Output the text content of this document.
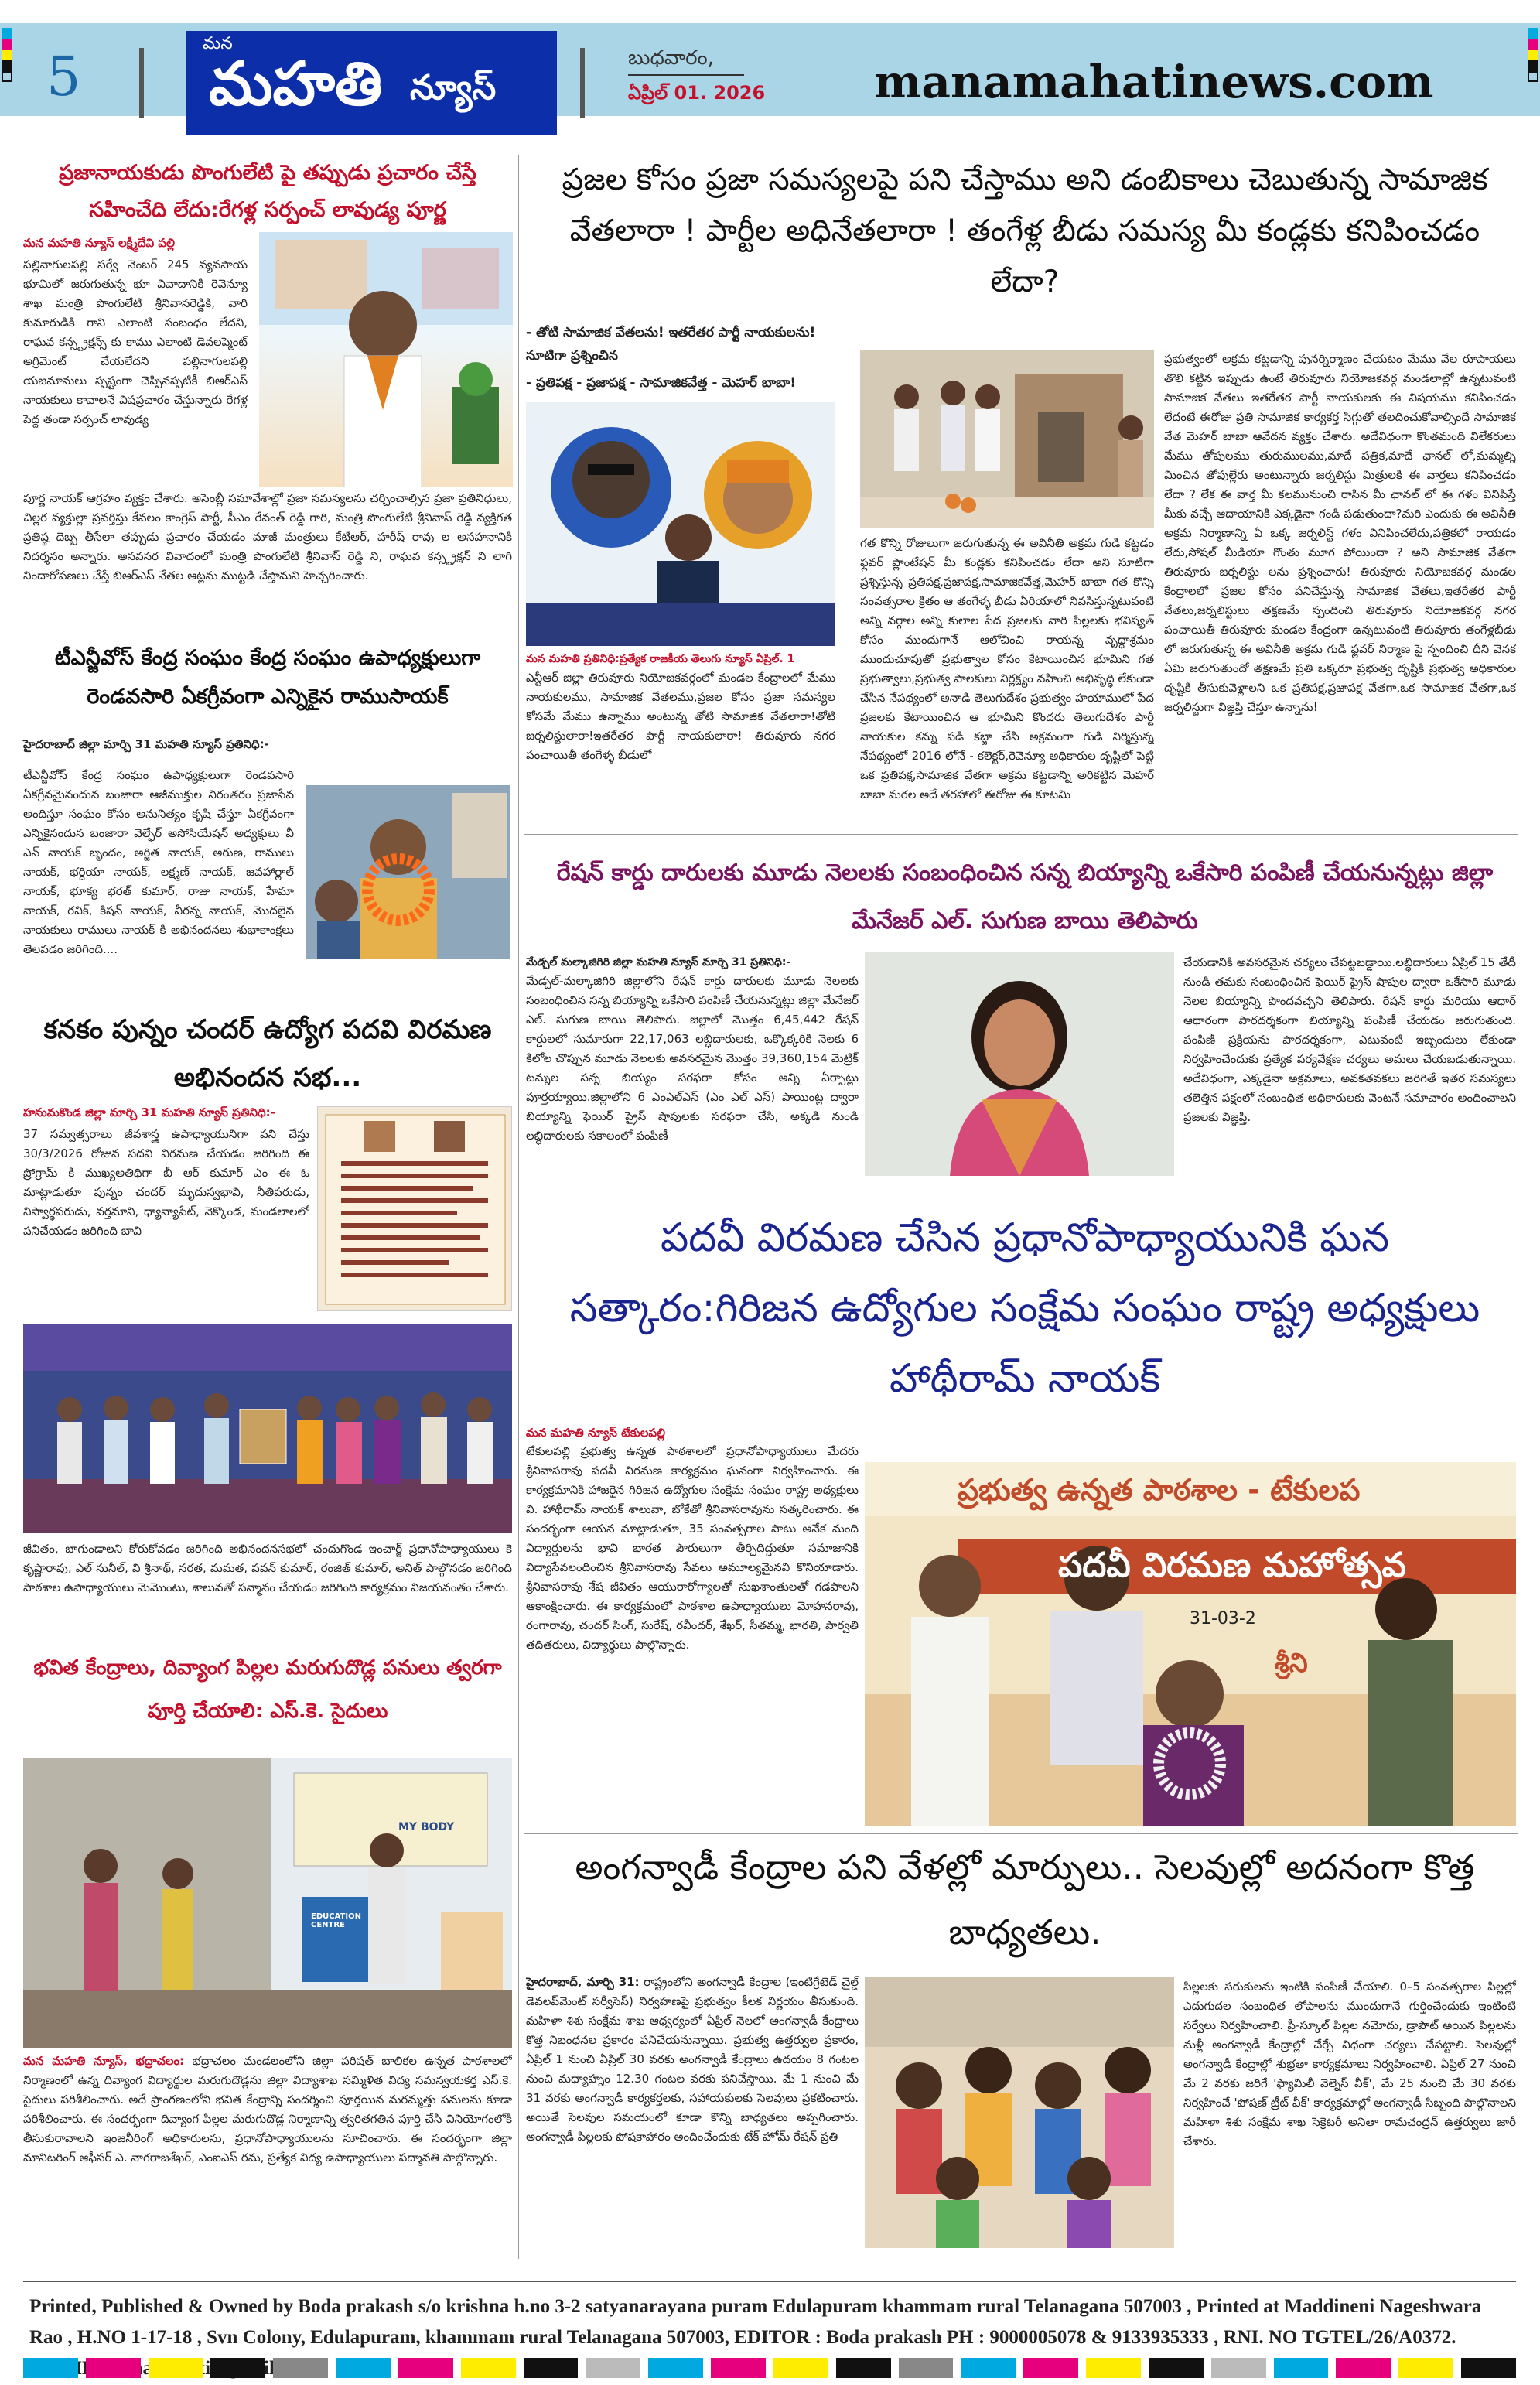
5
మన
మహతి న్యూస్
బుధవారం,
ఏప్రిల్ 01. 2026 manamahatinews.com
ప్రజానాయకుడు పొంగులేటి పై తప్పుడు ప్రచారం చేస్తే సహించేది లేదు:రేగళ్ల సర్పంచ్ లావుడ్య పూర్ణ
మన మహతి న్యూస్ లక్ష్మీదేవి పల్లి
పల్లినాగులపల్లి సర్వే నెంబర్ 245 వ్యవసాయ భూమిలో జరుగుతున్న భూ వివాదానికి రెవెన్యూ శాఖ మంత్రి పొంగులేటి శ్రీనివాసరెడ్డికి, వారి కుమారుడికి గాని ఎలాంటి సంబంధం లేదని, రాఘవ కన్స్ట్రక్షన్స్ కు కాము ఎలాంటి డెవలప్మెంట్ అగ్రిమెంట్ చేయలేదని పల్లినాగులపల్లి యజమానులు స్పష్టంగా చెప్పినప్పటికీ బిఆర్ఎస్ నాయకులు కావాలనే విషప్రచారం చేస్తున్నారు రేగళ్ల పెద్ద తండా సర్పంచ్ లావుడ్య
పూర్ణ నాయక్ ఆగ్రహం వ్యక్తం చేశారు. అసెంబ్లీ సమావేశాల్లో ప్రజా సమస్యలను చర్చించాల్సిన ప్రజా ప్రతినిధులు, చిల్లర వ్యక్తుల్లా ప్రవర్తిస్తు కేవలం కాంగ్రెస్ పార్టీ, సీఎం రేవంత్ రెడ్డి గారి, మంత్రి పొంగులేటి శ్రీనివాస్ రెడ్డి వ్యక్తిగత ప్రతిష్ఠ దెబ్బ తీసేలా తప్పుడు ప్రచారం చేయడం మాజీ మంత్రులు కేటీఆర్, హరీష్ రావు ల అసహనానికి నిదర్శనం అన్నారు. అనవసర వివాదంలో మంత్రి పొంగులేటి శ్రీనివాస్ రెడ్డి ని, రాఘవ కన్స్ట్రక్షన్ ని లాగి నిందారోపణలు చేస్తే బిఆర్ఎస్ నేతల ఆట్లను ముట్టడి చేస్తామని హెచ్చరించారు.
టీఎన్జీవోస్ కేంద్ర సంఘం కేంద్ర సంఘం ఉపాధ్యక్షులుగా రెండవసారి ఏకగ్రీవంగా ఎన్నికైన రాముసాయక్
హైదరాబాద్ జిల్లా మార్చి 31 మహతి న్యూస్ ప్రతినిధి:-
టీఎన్జీవోస్ కేంద్ర సంఘం ఉపాధ్యక్షులుగా రెండవసారి ఏకగ్రీవమైనందున బంజారా ఆజీముక్తుల నిరంతరం ప్రజాసేవ అందిస్తూ సంఘం కోసం అనునిత్యం కృషి చేస్తూ ఏకగ్రీవంగా ఎన్నికైనందున బంజారా వెల్ఫేర్ అసోసియేషన్ అధ్యక్షులు వీ ఎన్ నాయక్ బృందం, అర్జిత నాయక్, అరుణ, రాములు నాయక్, భర్దియా నాయక్, లక్ష్మణ్ నాయక్, జవహార్లాల్ నాయక్, భూక్య భరత్ కుమార్, రాజు నాయక్, హేమా నాయక్, రవిక్, కిషన్ నాయక్, వీరన్న నాయక్, మొదలైన నాయకులు రాములు నాయక్ కి అభినందనలు శుభాకాంక్షలు తెలపడం జరిగింది....
కనకం పున్నం చందర్ ఉద్యోగ పదవి విరమణ అభినందన సభ...
హనుమకొండ జిల్లా మార్చి 31 మహతి న్యూస్ ప్రతినిధి:-
37 సమ్వత్సరాలు జీవశాస్త్ర ఉపాధ్యాయునిగా పని చేస్తు 30/3/2026 రోజున పదవి విరమణ చేయడం జరిగింది ఈ ప్రోగ్రామ్ కి ముఖ్యఅతిథిగా బీ ఆర్ కుమార్ ఎం ఈ ఓ మాట్లాడుతూ పున్నం చందర్ మృదుస్వభావి, నీతిపరుడు, నిస్వార్థపరుడు, వర్తమాని, ధ్యాన్యాపేట్, నెక్కొండ, మండలాలలో పనిచేయడం జరిగింది బావి
జీవితం, బాగుండాలని కోరుకోవడం జరిగింది అభినందనసభలో చందుగొండ ఇంచార్జ్ ప్రధానోపాధ్యాయులు కె కృష్ణారావు, ఎల్ సునీల్, వి శ్రీనాథ్, నరత, మమత, పవన్ కుమార్, రంజిత్ కుమార్, అనిత్ పాల్గొనడం జరిగింది పాఠశాల ఉపాధ్యాయులు మెమొంటు, శాలువతో సన్మానం చేయడం జరిగింది కార్యక్రమం విజయవంతం చేశారు.
భవిత కేంద్రాలు, దివ్యాంగ పిల్లల మరుగుదొడ్ల పనులు త్వరగా పూర్తి చేయాలి: ఎస్.కె. సైదులు
MY BODY
EDUCATION CENTRE
మన మహతి న్యూస్, భద్రాచలం: భద్రాచలం మండలంలోని జిల్లా పరిషత్ బాలికల ఉన్నత పాఠశాలలో నిర్మాణంలో ఉన్న దివ్యాంగ విద్యార్థుల మరుగుదొడ్లను జిల్లా విద్యాశాఖ సమ్మిళిత విద్య సమన్వయకర్త ఎస్.కె. సైదులు పరిశీలించారు. అదే ప్రాంగణంలోని భవిత కేంద్రాన్ని సందర్శించి పూర్తయిన మరమ్మత్తు పనులను కూడా పరిశీలించారు. ఈ సందర్భంగా దివ్యాంగ పిల్లల మరుగుదొడ్ల నిర్మాణాన్ని త్వరితగతిన పూర్తి చేసి వినియోగంలోకి తీసుకురావాలని ఇంజనీరింగ్ అధికారులను, ప్రధానోపాధ్యాయులను సూచించారు. ఈ సందర్భంగా జిల్లా మానిటరింగ్ ఆఫీసర్ ఎ. నాగరాజశేఖర్, ఎంఐఎస్ రమ, ప్రత్యేక విద్య ఉపాధ్యాయులు పద్మావతి పాల్గొన్నారు.
ప్రజల కోసం ప్రజా సమస్యలపై పని చేస్తాము అని డంబికాలు చెబుతున్న సామాజిక వేతలారా ! పార్టీల అధినేతలారా ! తంగేళ్ల బీడు సమస్య మీ కండ్లకు కనిపించడం లేదా?
- తోటి సామాజిక వేతలను! ఇతరేతర పార్టీ నాయకులను!సూటిగా ప్రశ్నించిన
- ప్రతిపక్ష - ప్రజాపక్ష - సామాజికవేత్త - మెహర్ బాబా!
మన మహతి ప్రతినిధి:ప్రత్యేక రాజకీయ తెలుగు న్యూస్ ఏప్రిల్. 1
ఎన్టీఆర్ జిల్లా తిరువూరు నియోజకవర్గంలో మండల కేంద్రాలలో మేము నాయకులము, సామాజిక వేతలము,ప్రజల కోసం ప్రజా సమస్యల కోసమే మేము ఉన్నాము అంటున్న తోటి సామాజిక వేతలారా!తోటి జర్నలిస్టులారా!ఇతరేతర పార్టీ నాయకులారా! తిరువూరు నగర పంచాయితీ తంగేళ్ళ బీడులో
గత కొన్ని రోజులుగా జరుగుతున్న ఈ అవినీతి అక్రమ గుడి కట్టడం ఫ్లవర్ ప్లాంటేషన్ మీ కండ్లకు కనిపించడం లేదా అని సూటిగా ప్రశ్నిస్తున్న ప్రతిపక్ష,ప్రజాపక్ష,సామాజికవేత్త,మెహర్ బాబా గత కొన్ని సంవత్సరాల క్రితం ఆ తంగేళ్ళ బీడు ఏరియాలో నివసిస్తున్నటువంటి అన్ని వర్గాల అన్ని కులాల పేద ప్రజలకు వారి పిల్లలకు భవిష్యత్ కోసం ముందుగానే ఆలోచించి రాయన్న వృద్ధాశ్రమం ముందుచూపుతో ప్రభుత్వాల కోసం కేటాయించిన భూమిని గత ప్రభుత్వాలు,ప్రభుత్వ పాలకులు నిర్లక్ష్యం వహించి అభివృద్ధి లేకుండా చేసిన నేపథ్యంలో అనాడి తెలుగుదేశం ప్రభుత్వం హయాములో పేద ప్రజలకు కేటాయించిన ఆ భూమిని కొందరు తెలుగుదేశం పార్టీ నాయకుల కన్ను పడి కబ్జా చేసి అక్రమంగా గుడి నిర్మిస్తున్న నేపథ్యంలో 2016 లోనే - కలెక్టర్,రెవెన్యూ అధికారుల దృష్టిలో పెట్టి ఒక ప్రతిపక్ష,సామాజిక వేతగా అక్రమ కట్టడాన్ని అరికట్టిన మెహర్ బాబా మరల అదే తరహాలో ఈరోజు ఈ కూటమి
ప్రభుత్వంలో అక్రమ కట్టడాన్ని పునర్నిర్మాణం చేయటం మేము వేల రూపాయలు తొలి కట్టిన ఇప్పుడు ఉంటే తిరువూరు నియోజకవర్గ మండలాల్లో ఉన్నటువంటి సామాజిక వేతలు ఇతరేతర పార్టీ నాయకులకు ఈ విషయము కనిపించడం లేదంటే ఈరోజు ప్రతి సామాజిక కార్యకర్త సిగ్గుతో తలదించుకోవాల్సిందే సామాజిక వేత మెహర్ బాబా ఆవేదన వ్యక్తం చేశారు. అదేవిధంగా కొంతమంది విలేకరులు మేము తోపులము తురుములము,మాదే పత్రిక,మాదే ఛానల్ లో,మమ్మల్ని మించిన తోపుల్లేరు అంటున్నారు జర్నలిస్టు మిత్రులకి ఈ వార్తలు కనిపించడం లేదా ? లేక ఈ వార్త మీ కలమునుంచి రాసిన మీ ఛానల్ లో ఈ గళం వినిపిస్తే మీకు వచ్చే ఆదాయానికి ఎక్కడైనా గండి పడుతుందా?మరి ఎందుకు ఈ అవినీతి అక్రమ నిర్మాణాన్ని ఏ ఒక్క జర్నలిస్ట్ గళం వినిపించలేదు,పత్రికలో రాయడం లేదు,సోషల్ మీడియా గొంతు మూగ పోయిందా ? అని సామాజిక వేతగా తిరువూరు జర్నలిస్టు లను ప్రశ్నించారు! తిరువూరు నియోజకవర్గ మండల కేంద్రాలలో ప్రజల కోసం పనిచేస్తున్న సామాజిక వేతలు,ఇతరేతర పార్టీ వేతలు,జర్నలిస్టులు తక్షణమే స్పందించి తిరువూరు నియోజకవర్గ నగర పంచాయితీ తిరువూరు మండల కేంద్రంగా ఉన్నటువంటి తిరువూరు తంగేళ్లబీడు లో జరుగుతున్న ఈ అవినీతి అక్రమ గుడి ఫ్లవర్ నిర్మాణ పై స్పందించి దీని వెనక ఏమి జరుగుతుందో తక్షణమే ప్రతి ఒక్కరూ ప్రభుత్వ దృష్టికి ప్రభుత్వ అధికారుల దృష్టికి తీసుకువెళ్లాలని ఒక ప్రతిపక్ష,ప్రజాపక్ష వేతగా,ఒక సామాజిక వేతగా,ఒక జర్నలిస్టుగా విజ్ఞప్తి చేస్తూ ఉన్నాను!
రేషన్ కార్డు దారులకు మూడు నెలలకు సంబంధించిన సన్న బియ్యాన్ని ఒకేసారి పంపిణీ చేయనున్నట్లు జిల్లా మేనేజర్ ఎల్. సుగుణ బాయి తెలిపారు
మేడ్చల్ మల్కాజిగిరి జిల్లా మహతి న్యూస్ మార్చి 31 ప్రతినిధి:-
మేడ్చల్-మల్కాజిగిరి జిల్లాలోని రేషన్ కార్డు దారులకు మూడు నెలలకు సంబంధించిన సన్న బియ్యాన్ని ఒకేసారి పంపిణీ చేయనున్నట్లు జిల్లా మేనేజర్ ఎల్. సుగుణ బాయి తెలిపారు. జిల్లాలో మొత్తం 6,45,442 రేషన్ కార్డులలో సుమారుగా 22,17,063 లబ్ధిదారులకు, ఒక్కొక్కరికి నెలకు 6 కిలోల చొప్పున మూడు నెలలకు అవసరమైన మొత్తం 39,360,154 మెట్రిక్ టన్నుల సన్న బియ్యం సరఫరా కోసం అన్ని ఏర్పాట్లు పూర్తయ్యాయి.జిల్లాలోని 6 ఎంఎల్ఎస్ (ఎం ఎల్ ఎస్) పాయింట్ల ద్వారా బియ్యాన్ని ఫెయిర్ ప్రైస్ షాపులకు సరఫరా చేసి, అక్కడి నుండి లబ్ధిదారులకు సకాలంలో పంపిణీ
చేయడానికి అవసరమైన చర్యలు చేపట్టబడ్డాయి.లబ్ధిదారులు ఏప్రిల్ 15 తేదీ నుండి తమకు సంబంధించిన ఫెయిర్ ప్రైస్ షాపుల ద్వారా ఒకేసారి మూడు నెలల బియ్యాన్ని పొందవచ్చని తెలిపారు. రేషన్ కార్డు మరియు ఆధార్ ఆధారంగా పారదర్శకంగా బియ్యాన్ని పంపిణీ చేయడం జరుగుతుంది. పంపిణీ ప్రక్రియను పారదర్శకంగా, ఎటువంటి ఇబ్బందులు లేకుండా నిర్వహించేందుకు ప్రత్యేక పర్యవేక్షణ చర్యలు అమలు చేయబడుతున్నాయి. అదేవిధంగా, ఎక్కడైనా అక్రమాలు, అవకతవకలు జరిగితే ఇతర సమస్యలు తలెత్తిన పక్షంలో సంబంధిత అధికారులకు వెంటనే సమాచారం అందించాలని ప్రజలకు విజ్ఞప్తి.
పదవీ విరమణ చేసిన ప్రధానోపాధ్యాయునికి ఘన సత్కారం:గిరిజన ఉద్యోగుల సంక్షేమ సంఘం రాష్ట్ర అధ్యక్షులు హాథీరామ్ నాయక్
మన మహతి న్యూస్ టేకులపల్లి
టేకులపల్లి ప్రభుత్వ ఉన్నత పాఠశాలలో ప్రధానోపాధ్యాయులు మేదరు శ్రీనివాసరావు పదవీ విరమణ కార్యక్రమం ఘనంగా నిర్వహించారు. ఈ కార్యక్రమానికి హాజరైన గిరిజన ఉద్యోగుల సంక్షేమ సంఘం రాష్ట్ర అధ్యక్షులు వి. హాథీరామ్ నాయక్ శాలువా, బోకేతో శ్రీనివాసరావును సత్కరించారు. ఈ సందర్భంగా ఆయన మాట్లాడుతూ, 35 సంవత్సరాల పాటు అనేక మంది విద్యార్థులను భావి భారత పౌరులుగా తీర్చిదిద్దుతూ సమాజానికి విద్యాసేవలందించిన శ్రీనివాసరావు సేవలు అమూల్యమైనవి కొనియాడారు. శ్రీనివాసరావు శేష జీవితం ఆయురారోగ్యాలతో సుఖశాంతులతో గడపాలని ఆకాంక్షించారు. ఈ కార్యక్రమంలో పాఠశాల ఉపాధ్యాయులు మోహనరావు, రంగారావు, చందర్ సింగ్, సురేష్, రవీందర్, శేఖర్, సీతమ్మ, భారతి, పార్వతి తదితరులు, విద్యార్థులు పాల్గొన్నారు.
ప్రభుత్వ ఉన్నత పాఠశాల - టేకులప
పదవీ విరమణ మహోత్సవ
31-03-2
శ్రీని
అంగన్వాడీ కేంద్రాల పని వేళల్లో మార్పులు.. సెలవుల్లో అదనంగా కొత్త బాధ్యతలు.
హైదరాబాద్, మార్చి 31: రాష్ట్రంలోని అంగన్వాడీ కేంద్రాల (ఇంటిగ్రేటెడ్ చైల్డ్ డెవలప్‌మెంట్ సర్వీసెస్) నిర్వహణపై ప్రభుత్వం కీలక నిర్ణయం తీసుకుంది. మహిళా శిశు సంక్షేమ శాఖ ఆధ్వర్యంలో ఏప్రిల్ నెలలో అంగన్వాడీ కేంద్రాలు కొత్త నిబంధనల ప్రకారం పనిచేయనున్నాయి. ప్రభుత్వ ఉత్తర్వుల ప్రకారం, ఏప్రిల్ 1 నుంచి ఏప్రిల్ 30 వరకు అంగన్వాడీ కేంద్రాలు ఉదయం 8 గంటల నుంచి మధ్యాహ్నం 12.30 గంటల వరకు పనిచేస్తాయి. మే 1 నుంచి మే 31 వరకు అంగన్వాడీ కార్యకర్తలకు, సహాయకులకు సెలవులు ప్రకటించారు. అయితే సెలవుల సమయంలో కూడా కొన్ని బాధ్యతలు అప్పగించారు. అంగన్వాడీ పిల్లలకు పోషకాహారం అందించేందుకు టేక్ హోమ్ రేషన్ ప్రతి
పిల్లలకు సరుకులను ఇంటికి పంపిణీ చేయాలి. 0–5 సంవత్సరాల పిల్లల్లో ఎదుగుదల సంబంధిత లోపాలను ముందుగానే గుర్తించేందుకు ఇంటింటి సర్వేలు నిర్వహించాలి. ప్రీ-స్కూల్ పిల్లల నమోదు, డ్రాపౌట్ అయిన పిల్లలను మళ్లీ అంగన్వాడీ కేంద్రాల్లో చేర్చే విధంగా చర్యలు చేపట్టాలి. సెలవుల్లో అంగన్వాడీ కేంద్రాల్లో శుభ్రతా కార్యక్రమాలు నిర్వహించాలి. ఏప్రిల్ 27 నుంచి మే 2 వరకు జరిగే 'ఫ్యామిలీ వెల్నెస్ వీక్', మే 25 నుంచి మే 30 వరకు నిర్వహించే 'పోషణ్ ట్రీట్ వీక్' కార్యక్రమాల్లో అంగన్వాడీ సిబ్బంది పాల్గొనాలని మహిళా శిశు సంక్షేమ శాఖ సెక్రెటరీ అనితా రామచంద్రన్ ఉత్తర్వులు జారీ చేశారు.
Printed, Published & Owned by Boda prakash s/o krishna h.no 3-2 satyanarayana puram Edulapuram khammam rural Telanagana 507003 , Printed at Maddineni Nageshwara Rao , H.NO 1-17-18 , Svn Colony, Edulapuram, khammam rural Telanagana 507003, EDITOR : Boda prakash PH : 9000005078 & 9133935333 , RNI. NO TGTEL/26/A0372. manamahati@gmail.com
